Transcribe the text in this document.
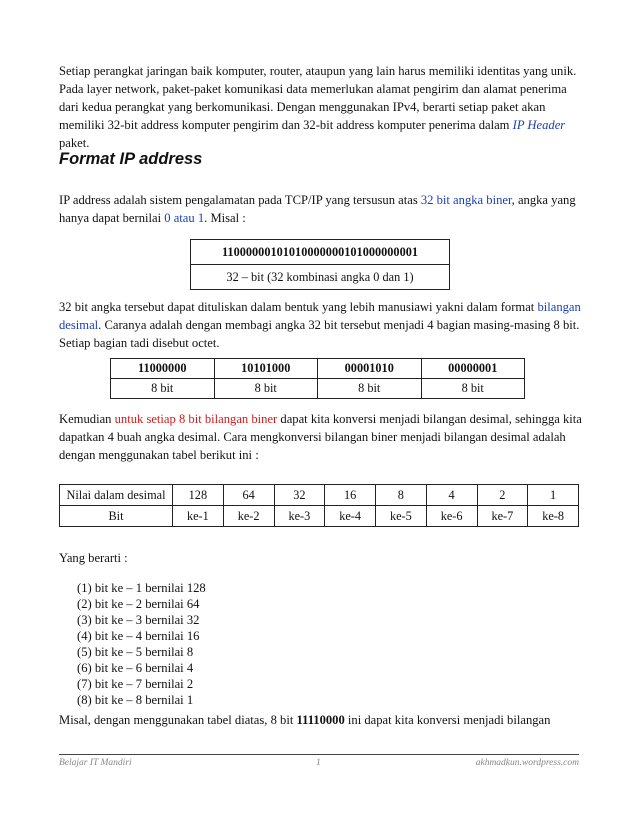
Setiap perangkat jaringan baik komputer, router, ataupun yang lain harus memiliki identitas yang unik. Pada layer network, paket-paket komunikasi data memerlukan alamat pengirim dan alamat penerima dari kedua perangkat yang berkomunikasi. Dengan menggunakan IPv4, berarti setiap paket akan memiliki 32-bit address komputer pengirim dan 32-bit address komputer penerima dalam IP Header paket.

Format IP address

IP address adalah sistem pengalamatan pada TCP/IP yang tersusun atas 32 bit angka biner, angka yang hanya dapat bernilai 0 atau 1. Misal :

11000000101010000000101000000001
32 – bit (32 kombinasi angka 0 dan 1)

32 bit angka tersebut dapat dituliskan dalam bentuk yang lebih manusiawi yakni dalam format bilangan desimal. Caranya adalah dengan membagi angka 32 bit tersebut menjadi 4 bagian masing-masing 8 bit. Setiap bagian tadi disebut octet.

11000000	10101000	00001010	00000001
8 bit	8 bit	8 bit	8 bit

Kemudian untuk setiap 8 bit bilangan biner dapat kita konversi menjadi bilangan desimal, sehingga kita dapatkan 4 buah angka desimal. Cara mengkonversi bilangan biner menjadi bilangan desimal adalah dengan menggunakan tabel berikut ini :

Nilai dalam desimal	128	64	32	16	8	4	2	1
Bit	ke-1	ke-2	ke-3	ke-4	ke-5	ke-6	ke-7	ke-8

Yang berarti :

(1) bit ke – 1 bernilai 128
(2) bit ke – 2 bernilai 64
(3) bit ke – 3 bernilai 32
(4) bit ke – 4 bernilai 16
(5) bit ke – 5 bernilai 8
(6) bit ke – 6 bernilai 4
(7) bit ke – 7 bernilai 2
(8) bit ke – 8 bernilai 1

Misal, dengan menggunakan tabel diatas, 8 bit 11110000 ini dapat kita konversi menjadi bilangan

Belajar IT Mandiri	1	akhmadkun.wordpress.com
